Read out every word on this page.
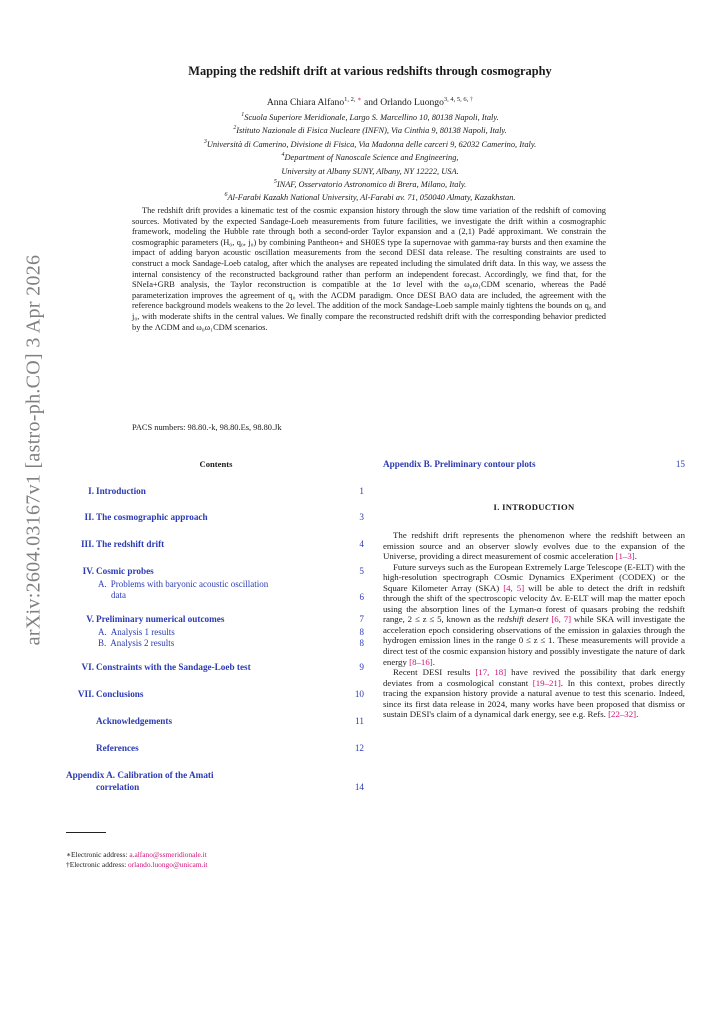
arXiv:2604.03167v1 [astro-ph.CO] 3 Apr 2026
Mapping the redshift drift at various redshifts through cosmography
Anna Chiara Alfano$^{1, 2, ∗}$ and Orlando Luongo$^{3, 4, 5, 6, \dagger}$
$^1$Scuola Superiore Meridionale, Largo S. Marcellino 10, 80138 Napoli, Italy.
$^2$Istituto Nazionale di Fisica Nucleare (INFN), Via Cinthia 9, 80138 Napoli, Italy.
$^3$Università di Camerino, Divisione di Fisica, Via Madonna delle carceri 9, 62032 Camerino, Italy.
$^4$Department of Nanoscale Science and Engineering,
University at Albany SUNY, Albany, NY 12222, USA.
$^5$INAF, Osservatorio Astronomico di Brera, Milano, Italy.
$^6$Al-Farabi Kazakh National University, Al-Farabi av. 71, 050040 Almaty, Kazakhstan.
The redshift drift provides a kinematic test of the cosmic expansion history through the slow time variation of the redshift of comoving sources. Motivated by the expected Sandage-Loeb measurements from future facilities, we investigate the drift within a cosmographic framework, modeling the Hubble rate through both a second-order Taylor expansion and a (2,1) Padé approximant. We constrain the cosmographic parameters (H₀, q₀, j₀) by combining Pantheon+ and SH0ES type Ia supernovae with gamma-ray bursts and then examine the impact of adding baryon acoustic oscillation measurements from the second DESI data release. The resulting constraints are used to construct a mock Sandage-Loeb catalog, after which the analyses are repeated including the simulated drift data. In this way, we assess the internal consistency of the reconstructed background rather than perform an independent forecast. Accordingly, we find that, for the SNeIa+GRB analysis, the Taylor reconstruction is compatible at the 1σ level with the ω₀ω₁CDM scenario, whereas the Padé parameterization improves the agreement of q₀ with the ΛCDM paradigm. Once DESI BAO data are included, the agreement with the reference background models weakens to the 2σ level. The addition of the mock Sandage-Loeb sample mainly tightens the bounds on q₀ and j₀, with moderate shifts in the central values. We finally compare the reconstructed redshift drift with the corresponding behavior predicted by the ΛCDM and ω₀ω₁CDM scenarios.
PACS numbers: 98.80.-k, 98.80.Es, 98.80.Jk
Contents
I. Introduction	1
II. The cosmographic approach	3
III. The redshift drift	4
IV. Cosmic probes	5
A. Problems with baryonic acoustic oscillation
data	6
V. Preliminary numerical outcomes	7
A. Analysis 1 results	8
B. Analysis 2 results	8
VI. Constraints with the Sandage-Loeb test	9
VII. Conclusions	10
Acknowledgements	11
References	12
Appendix A. Calibration of the Amati
correlation	14
∗Electronic address: a.alfano@ssmeridionale.it
†Electronic address: orlando.luongo@unicam.it
Appendix B. Preliminary contour plots	15
I. INTRODUCTION

The redshift drift represents the phenomenon where the redshift between an emission source and an observer slowly evolves due to the expansion of the Universe, providing a direct measurement of cosmic acceleration [1–3].

Future surveys such as the European Extremely Large Telescope (E-ELT) with the high-resolution spectrograph COsmic Dynamics EXperiment (CODEX) or the Square Kilometer Array (SKA) [4, 5] will be able to detect the drift in redshift through the shift of the spectroscopic velocity Δv. E-ELT will map the matter epoch using the absorption lines of the Lyman-α forest of quasars probing the redshift range, 2 ≤ z ≤ 5, known as the redshift desert [6, 7] while SKA will investigate the acceleration epoch considering observations of the emission in galaxies through the hydrogen emission lines in the range 0 ≤ z ≤ 1. These measurements will provide a direct test of the cosmic expansion history and possibly investigate the nature of dark energy [8–16].

Recent DESI results [17, 18] have revived the possibility that dark energy deviates from a cosmological constant [19–21]. In this context, probes directly tracing the expansion history provide a natural avenue to test this scenario. Indeed, since its first data release in 2024, many works have been proposed that dismiss or sustain DESI's claim of a dynamical dark energy, see e.g. Refs. [22–32].
